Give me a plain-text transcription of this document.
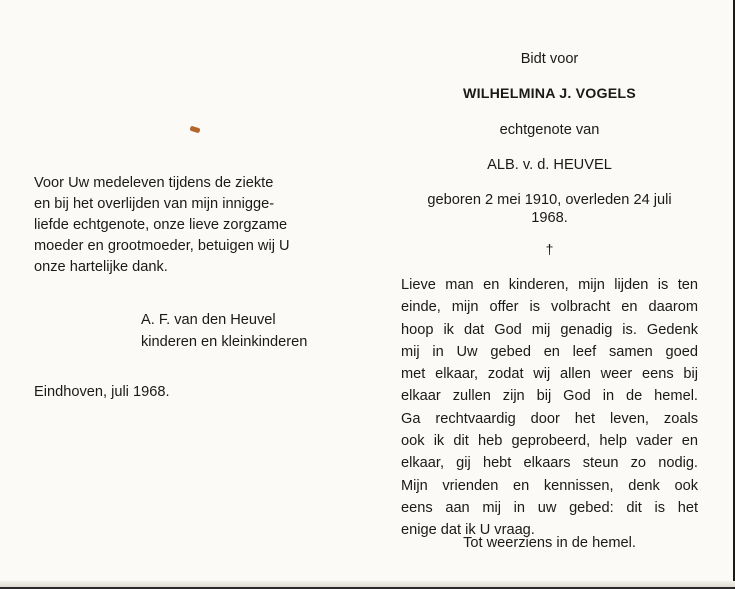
Voor Uw medeleven tijdens de ziekte
en bij het overlijden van mijn innigge-
liefde echtgenote, onze lieve zorgzame
moeder en grootmoeder, betuigen wij U
onze hartelijke dank.
A. F. van den Heuvel
kinderen en kleinkinderen
Eindhoven, juli 1968.
Bidt voor
WILHELMINA J. VOGELS
echtgenote van
ALB. v. d. HEUVEL
geboren 2 mei 1910, overleden 24 juli
1968.
†
Lieve man en kinderen, mijn lijden is ten
einde, mijn offer is volbracht en daarom
hoop ik dat God mij genadig is. Gedenk
mij in Uw gebed en leef samen goed
met elkaar, zodat wij allen weer eens bij
elkaar zullen zijn bij God in de hemel.
Ga rechtvaardig door het leven, zoals
ook ik dit heb geprobeerd, help vader en
elkaar, gij hebt elkaars steun zo nodig.
Mijn vrienden en kennissen, denk ook
eens aan mij in uw gebed: dit is het
enige dat ik U vraag.
Tot weerziens in de hemel.
